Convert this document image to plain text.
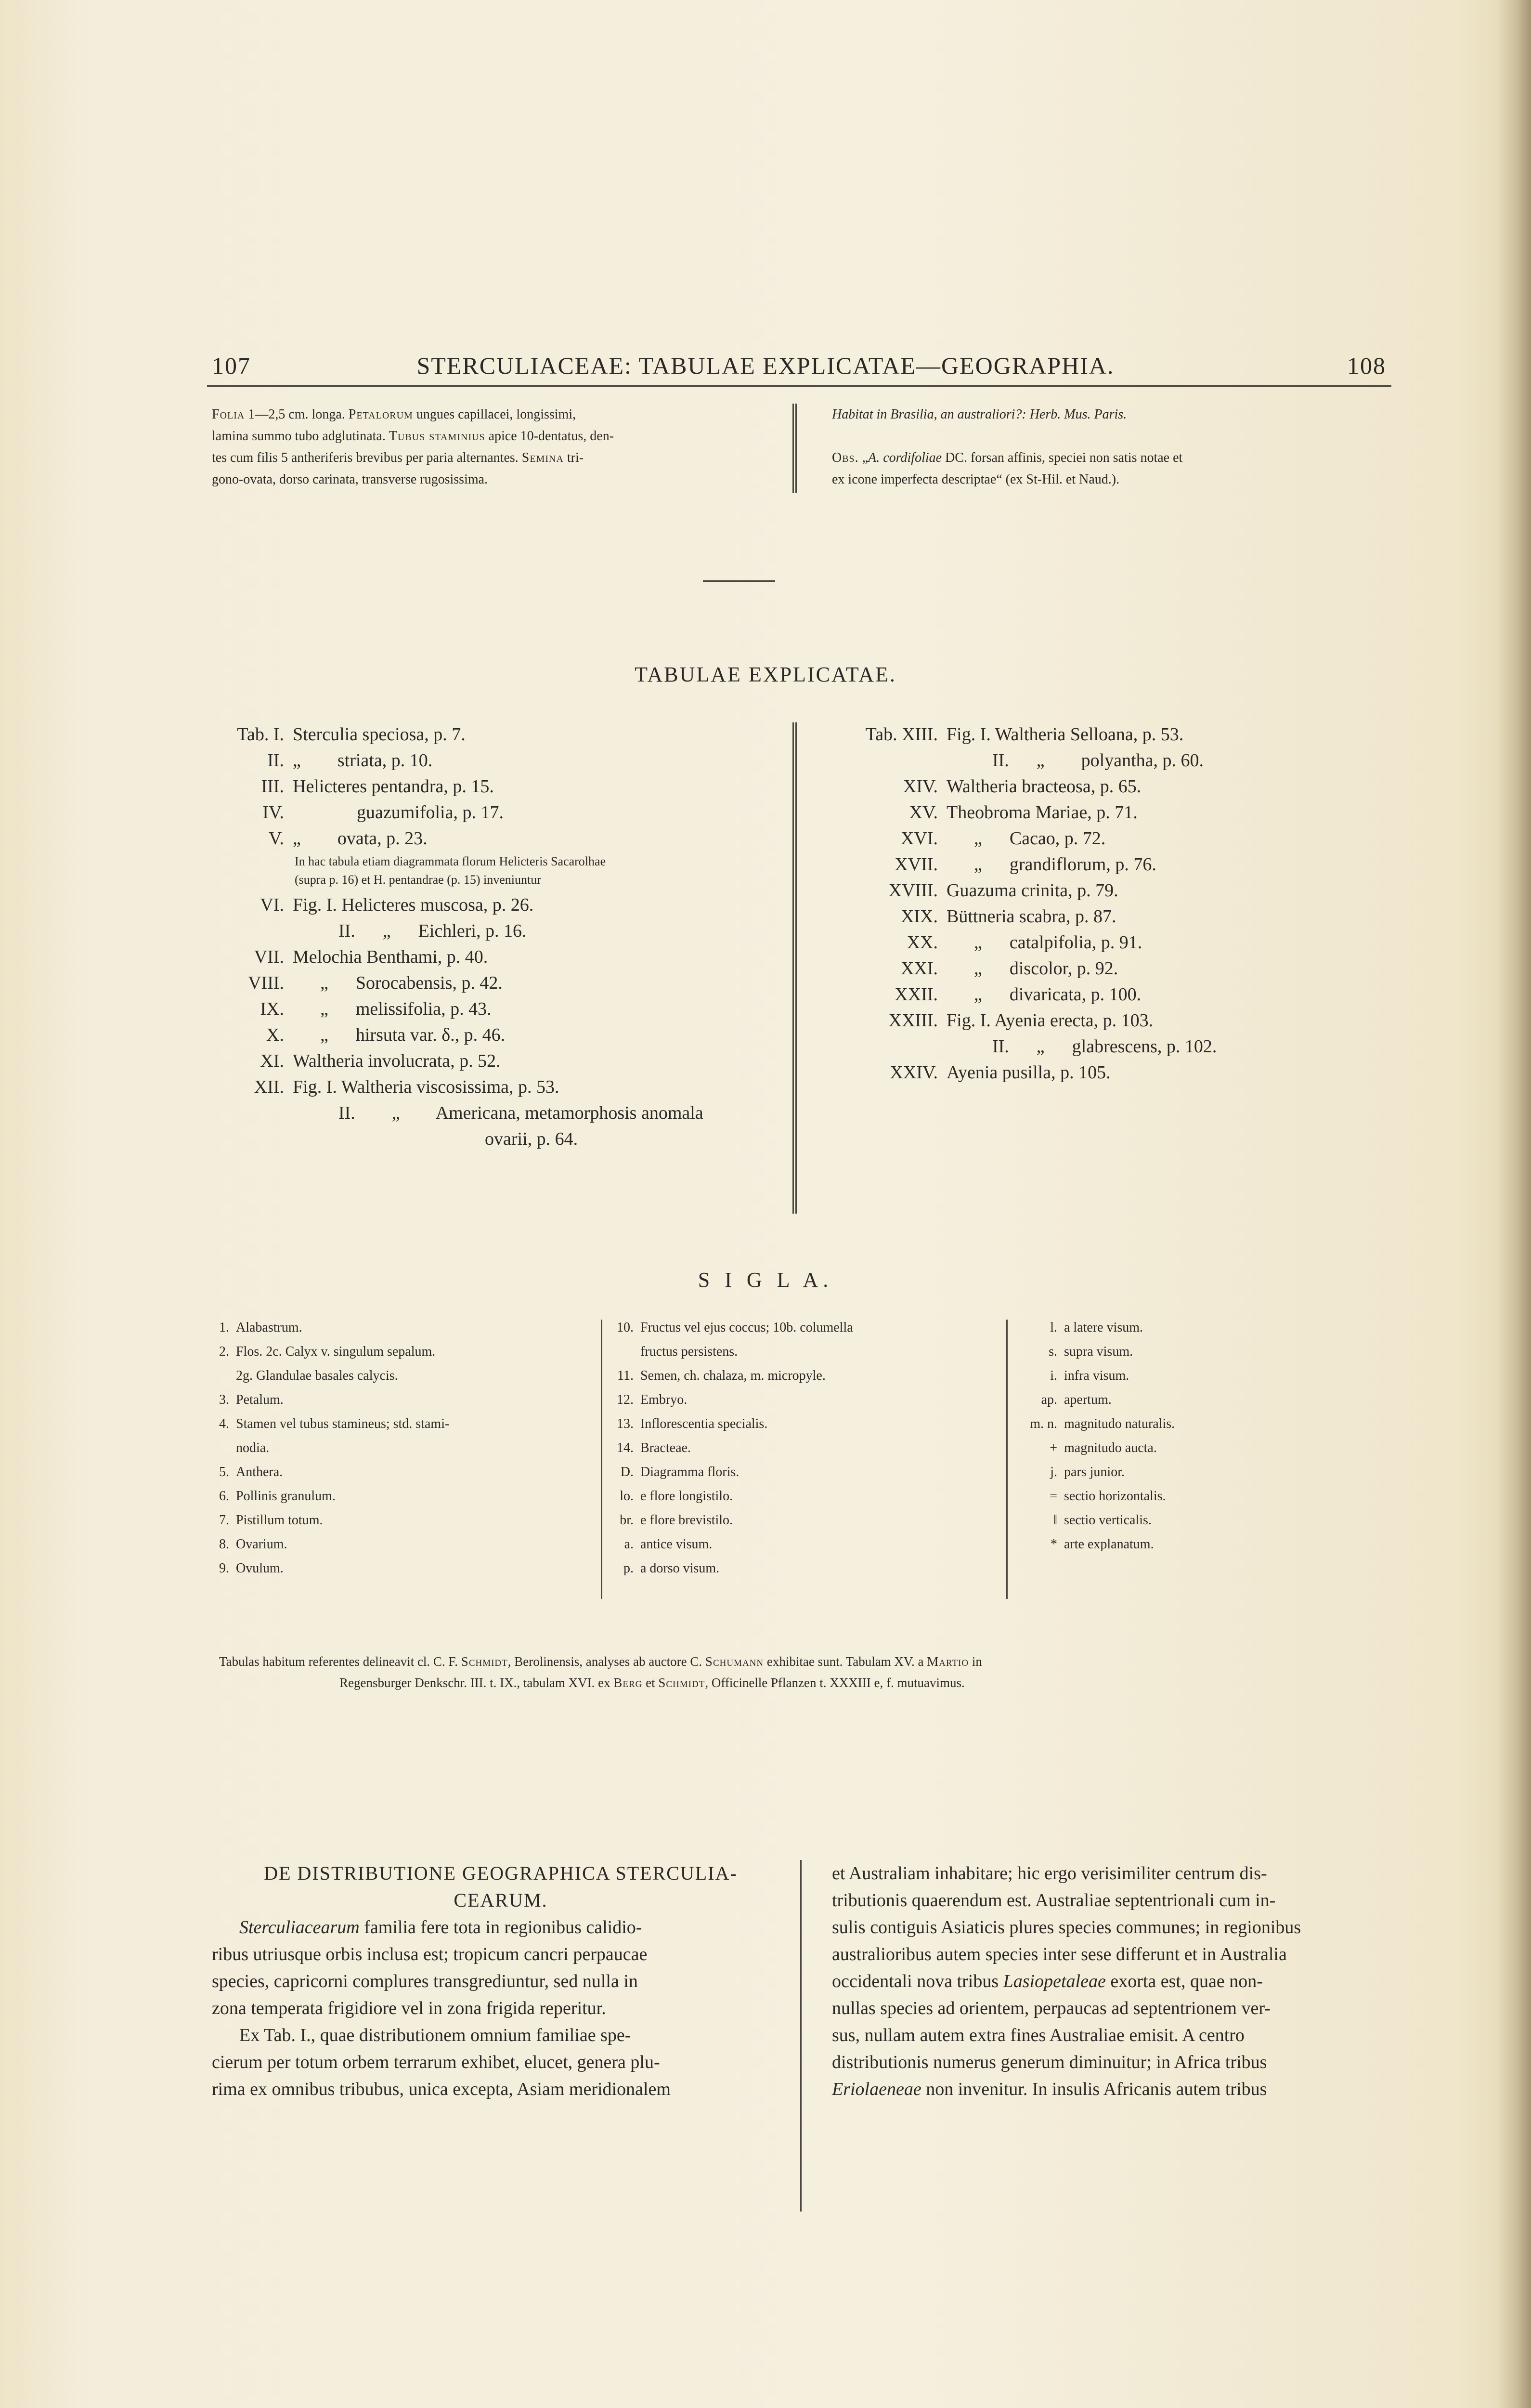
107	STERCULIACEAE: TABULAE EXPLICATAE—GEOGRAPHIA.	108
Folia 1—2,5 cm. longa. Petalorum ungues capillacei, longissimi,
lamina summo tubo adglutinata. Tubus staminius apice 10-dentatus, den-
tes cum filis 5 antheriferis brevibus per paria alternantes. Semina tri-
gono-ovata, dorso carinata, transverse rugosissima.
Habitat in Brasilia, an australiori?: Herb. Mus. Paris.

Obs. „A. cordifoliae DC. forsan affinis, speciei non satis notae et
ex icone imperfecta descriptae“ (ex St-Hil. et Naud.).
TABULAE EXPLICATAE.
Tab. I. Sterculia speciosa, p. 7.
II. „        striata, p. 10.
III. Helicteres pentandra, p. 15.
IV.              guazumifolia, p. 17.
V. „        ovata, p. 23.
In hac tabula etiam diagrammata florum Helicteris Sacarolhae
(supra p. 16) et H. pentandrae (p. 15) inveniuntur
VI. Fig. I. Helicteres muscosa, p. 26.
II.      „      Eichleri, p. 16.
VII. Melochia Benthami, p. 40.
VIII.      „      Sorocabensis, p. 42.
IX.      „      melissifolia, p. 43.
X.      „      hirsuta var. δ., p. 46.
XI. Waltheria involucrata, p. 52.
XII. Fig. I. Waltheria viscosissima, p. 53.
II.        „        Americana, metamorphosis anomala
ovarii, p. 64.
Tab. XIII. Fig. I. Waltheria Selloana, p. 53.
II.      „        polyantha, p. 60.
XIV. Waltheria bracteosa, p. 65.
XV. Theobroma Mariae, p. 71.
XVI.      „      Cacao, p. 72.
XVII.      „      grandiflorum, p. 76.
XVIII. Guazuma crinita, p. 79.
XIX. Büttneria scabra, p. 87.
XX.      „      catalpifolia, p. 91.
XXI.      „      discolor, p. 92.
XXII.      „      divaricata, p. 100.
XXIII. Fig. I. Ayenia erecta, p. 103.
II.      „      glabrescens, p. 102.
XXIV. Ayenia pusilla, p. 105.
S I G L A.
1. Alabastrum.
2. Flos. 2c. Calyx v. singulum sepalum.
2g. Glandulae basales calycis.
3. Petalum.
4. Stamen vel tubus stamineus; std. stami-
nodia.
5. Anthera.
6. Pollinis granulum.
7. Pistillum totum.
8. Ovarium.
9. Ovulum.
10. Fructus vel ejus coccus; 10b. columella
fructus persistens.
11. Semen, ch. chalaza, m. micropyle.
12. Embryo.
13. Inflorescentia specialis.
14. Bracteae.
D. Diagramma floris.
lo. e flore longistilo.
br. e flore brevistilo.
a. antice visum.
p. a dorso visum.
l. a latere visum.
s. supra visum.
i. infra visum.
ap. apertum.
m. n. magnitudo naturalis.
+ magnitudo aucta.
j. pars junior.
= sectio horizontalis.
‖ sectio verticalis.
* arte explanatum.
Tabulas habitum referentes delineavit cl. C. F. Schmidt, Berolinensis, analyses ab auctore C. Schumann exhibitae sunt. Tabulam XV. a Martio in
Regensburger Denkschr. III. t. IX., tabulam XVI. ex Berg et Schmidt, Officinelle Pflanzen t. XXXIII e, f. mutuavimus.
DE DISTRIBUTIONE GEOGRAPHICA STERCULIA-
CEARUM.
Sterculiacearum familia fere tota in regionibus calidio-
ribus utriusque orbis inclusa est; tropicum cancri perpaucae
species, capricorni complures transgrediuntur, sed nulla in
zona temperata frigidiore vel in zona frigida reperitur.
Ex Tab. I., quae distributionem omnium familiae spe-
cierum per totum orbem terrarum exhibet, elucet, genera plu-
rima ex omnibus tribubus, unica excepta, Asiam meridionalem
et Australiam inhabitare; hic ergo verisimiliter centrum dis-
tributionis quaerendum est. Australiae septentrionali cum in-
sulis contiguis Asiaticis plures species communes; in regionibus
australioribus autem species inter sese differunt et in Australia
occidentali nova tribus Lasiopetaleae exorta est, quae non-
nullas species ad orientem, perpaucas ad septentrionem ver-
sus, nullam autem extra fines Australiae emisit. A centro
distributionis numerus generum diminuitur; in Africa tribus
Eriolaeneae non invenitur. In insulis Africanis autem tribus
